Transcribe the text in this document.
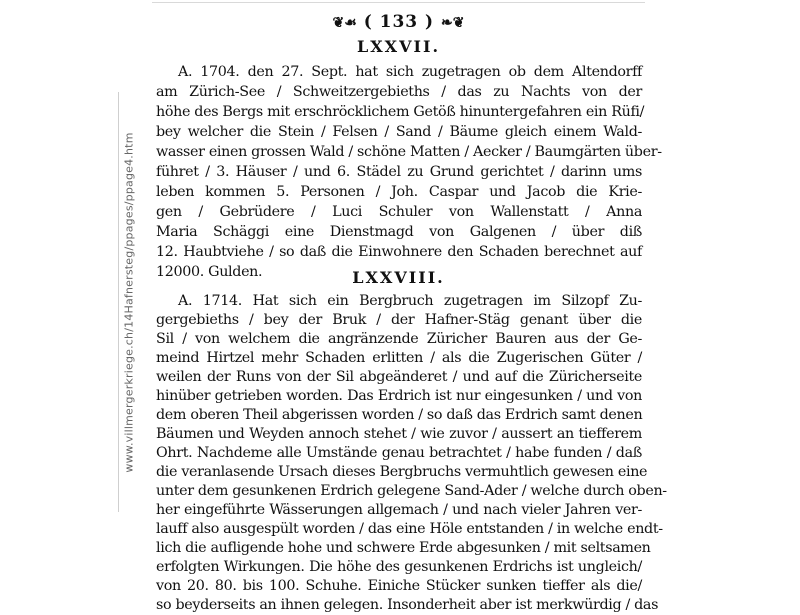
www.villmergerkriege.ch/14Hafnersteg/ppages/ppage4.htm
❦☙ ( 133 ) ❧❦
LXXVII.
A. 1704. den 27. Sept. hat sich zugetragen ob dem Altendorff
am Zürich-See / Schweitzergebieths / das zu Nachts von der
höhe des Bergs mit erschröcklichem Getöß hinuntergefahren ein Rüfi/
bey welcher die Stein / Felsen / Sand / Bäume gleich einem Wald-
wasser einen grossen Wald / schöne Matten / Aecker / Baumgärten über-
führet / 3. Häuser / und 6. Städel zu Grund gerichtet / darinn ums
leben kommen 5. Personen / Joh. Caspar und Jacob die Krie-
gen / Gebrüdere / Luci Schuler von Wallenstatt / Anna
Maria Schäggi eine Dienstmagd von Galgenen / über diß
12. Haubtviehe / so daß die Einwohnere den Schaden berechnet auf
12000. Gulden.	LXXVIII.
A. 1714. Hat sich ein Bergbruch zugetragen im Silzopf Zu-
gergebieths / bey der Bruk / der Hafner-Stäg genant über die
Sil / von welchem die angränzende Züricher Bauren aus der Ge-
meind Hirtzel mehr Schaden erlitten / als die Zugerischen Güter /
weilen der Runs von der Sil abgeänderet / und auf die Züricherseite
hinüber getrieben worden. Das Erdrich ist nur eingesunken / und von
dem oberen Theil abgerissen worden / so daß das Erdrich samt denen
Bäumen und Weyden annoch stehet / wie zuvor / aussert an tiefferem
Ohrt. Nachdeme alle Umstände genau betrachtet / habe funden / daß
die veranlasende Ursach dieses Bergbruchs vermuhtlich gewesen eine
unter dem gesunkenen Erdrich gelegene Sand-Ader / welche durch oben-
her eingeführte Wässerungen allgemach / und nach vieler Jahren ver-
lauff also ausgespült worden / das eine Höle entstanden / in welche endt-
lich die aufligende hohe und schwere Erde abgesunken / mit seltsamen
erfolgten Wirkungen. Die höhe des gesunkenen Erdrichs ist ungleich/
von 20. 80. bis 100. Schuhe. Einiche Stücker sunken tieffer als die/
so beyderseits an ihnen gelegen. Insonderheit aber ist merkwürdig / das
